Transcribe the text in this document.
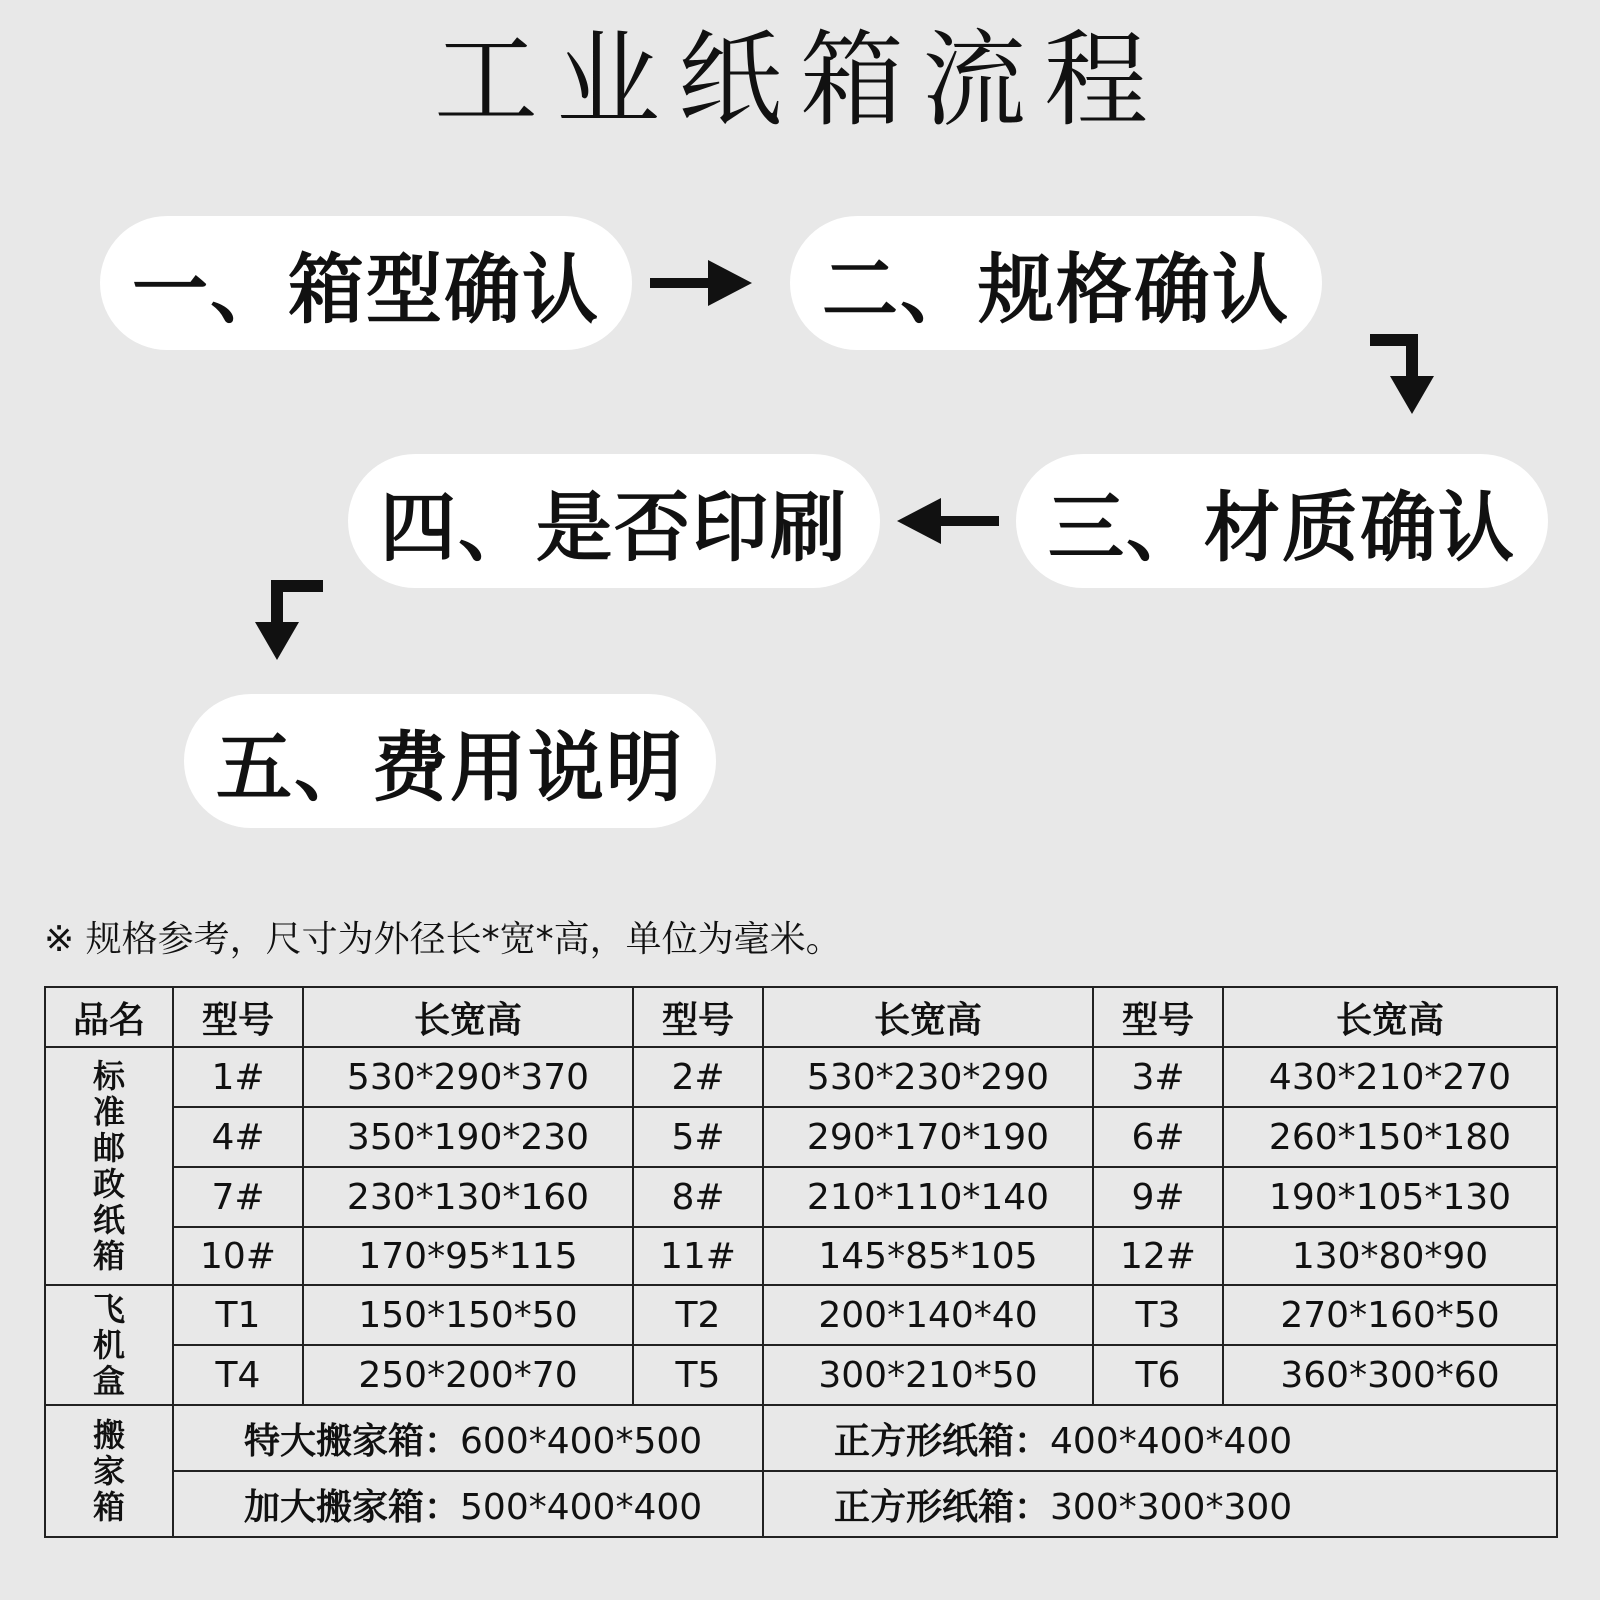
工业纸箱流程
一、箱型确认	二、规格确认
四、是否印刷	三、材质确认
五、费用说明
※ 规格参考，尺寸为外径长*宽*高，单位为毫米。
品名	型号	长宽高	型号	长宽高	型号	长宽高
标准邮政纸箱	1#	530*290*370	2#	530*230*290	3#	430*210*270
	4#	350*190*230	5#	290*170*190	6#	260*150*180
	7#	230*130*160	8#	210*110*140	9#	190*105*130
	10#	170*95*115	11#	145*85*105	12#	130*80*90
飞机盒	T1	150*150*50	T2	200*140*40	T3	270*160*50
	T4	250*200*70	T5	300*210*50	T6	360*300*60
搬家箱	特大搬家箱：600*400*500			正方形纸箱：400*400*400		
	加大搬家箱：500*400*400			正方形纸箱：300*300*300		
